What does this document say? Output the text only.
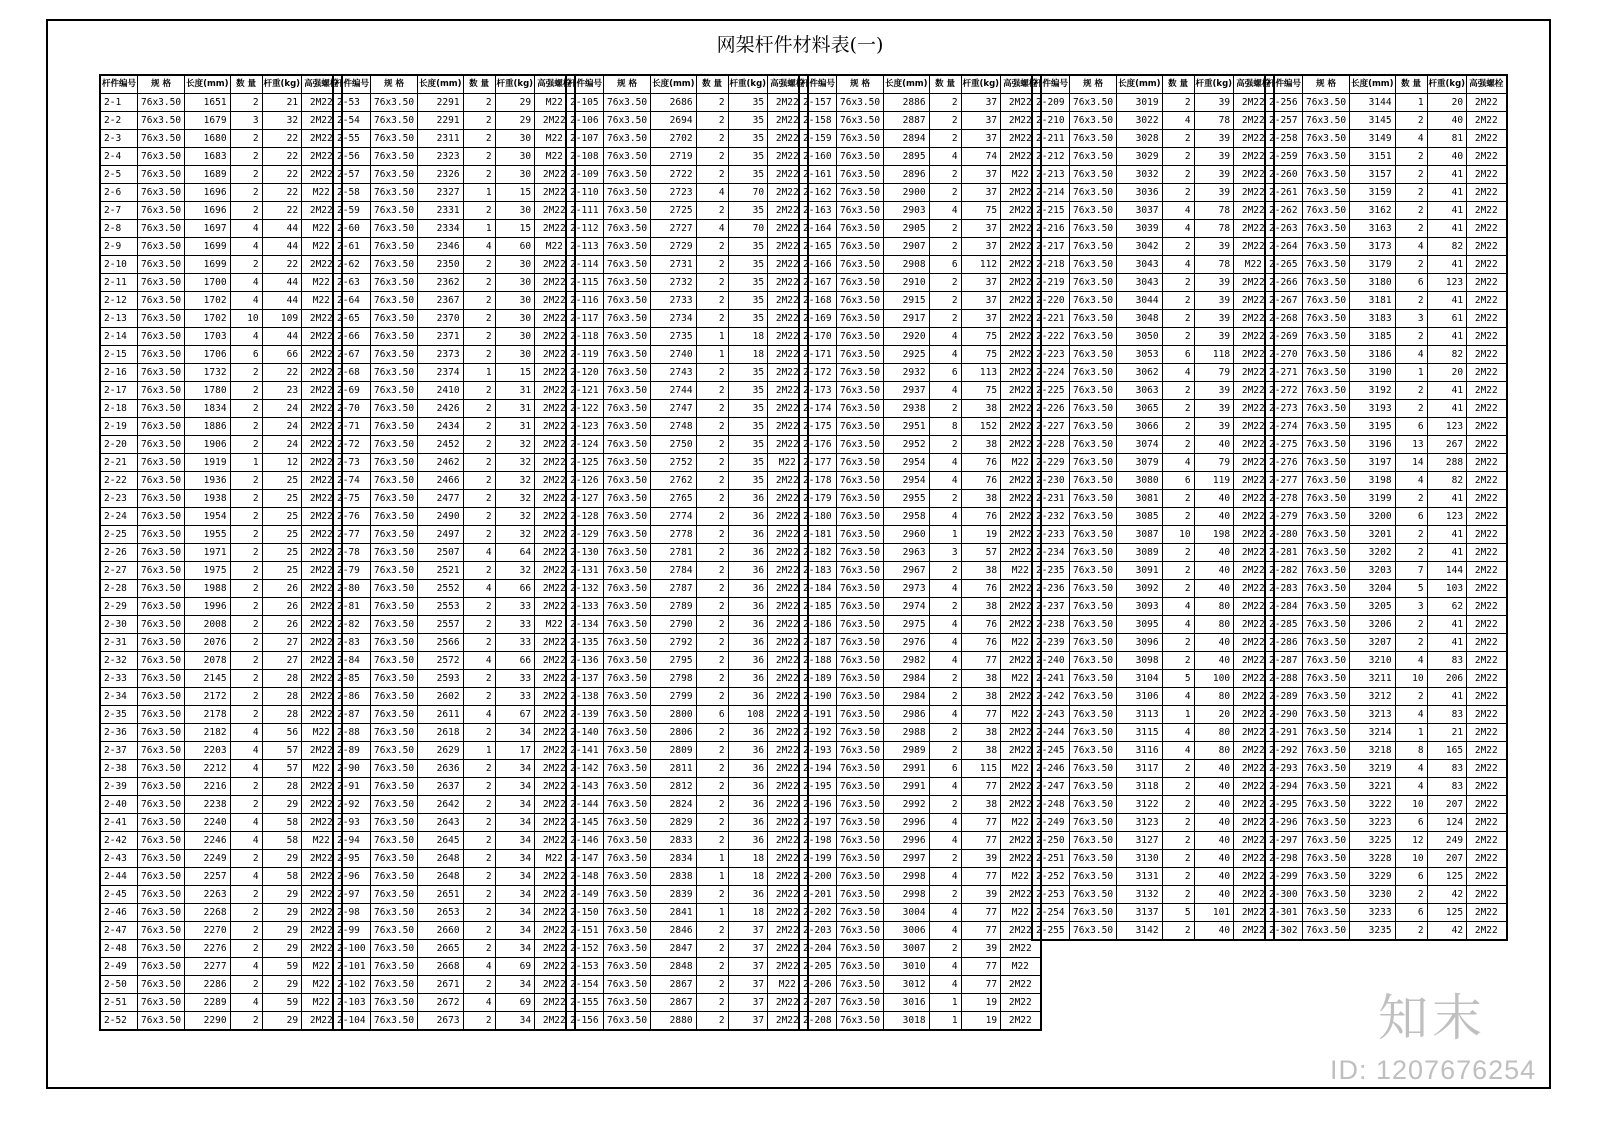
网架杆件材料表(一)
杆件编号	规 格	长度(mm)	数 量	杆重(kg)	高强螺栓
2-1	76x3.50	1651	2	21	2M22
2-2	76x3.50	1679	3	32	2M22
2-3	76x3.50	1680	2	22	2M22
2-4	76x3.50	1683	2	22	2M22
2-5	76x3.50	1689	2	22	2M22
2-6	76x3.50	1696	2	22	M22
2-7	76x3.50	1696	2	22	2M22
2-8	76x3.50	1697	4	44	M22
2-9	76x3.50	1699	4	44	M22
2-10	76x3.50	1699	2	22	2M22
2-11	76x3.50	1700	4	44	M22
2-12	76x3.50	1702	4	44	M22
2-13	76x3.50	1702	10	109	2M22
2-14	76x3.50	1703	4	44	2M22
2-15	76x3.50	1706	6	66	2M22
2-16	76x3.50	1732	2	22	2M22
2-17	76x3.50	1780	2	23	2M22
2-18	76x3.50	1834	2	24	2M22
2-19	76x3.50	1886	2	24	2M22
2-20	76x3.50	1906	2	24	2M22
2-21	76x3.50	1919	1	12	2M22
2-22	76x3.50	1936	2	25	2M22
2-23	76x3.50	1938	2	25	2M22
2-24	76x3.50	1954	2	25	2M22
2-25	76x3.50	1955	2	25	2M22
2-26	76x3.50	1971	2	25	2M22
2-27	76x3.50	1975	2	25	2M22
2-28	76x3.50	1988	2	26	2M22
2-29	76x3.50	1996	2	26	2M22
2-30	76x3.50	2008	2	26	2M22
2-31	76x3.50	2076	2	27	2M22
2-32	76x3.50	2078	2	27	2M22
2-33	76x3.50	2145	2	28	2M22
2-34	76x3.50	2172	2	28	2M22
2-35	76x3.50	2178	2	28	2M22
2-36	76x3.50	2182	4	56	M22
2-37	76x3.50	2203	4	57	2M22
2-38	76x3.50	2212	4	57	M22
2-39	76x3.50	2216	2	28	2M22
2-40	76x3.50	2238	2	29	2M22
2-41	76x3.50	2240	4	58	2M22
2-42	76x3.50	2246	4	58	M22
2-43	76x3.50	2249	2	29	2M22
2-44	76x3.50	2257	4	58	2M22
2-45	76x3.50	2263	2	29	2M22
2-46	76x3.50	2268	2	29	2M22
2-47	76x3.50	2270	2	29	2M22
2-48	76x3.50	2276	2	29	2M22
2-49	76x3.50	2277	4	59	M22
2-50	76x3.50	2286	2	29	M22
2-51	76x3.50	2289	4	59	M22
2-52	76x3.50	2290	2	29	2M22
杆件编号	规 格	长度(mm)	数 量	杆重(kg)	高强螺栓
2-53	76x3.50	2291	2	29	M22
2-54	76x3.50	2291	2	29	2M22
2-55	76x3.50	2311	2	30	M22
2-56	76x3.50	2323	2	30	M22
2-57	76x3.50	2326	2	30	2M22
2-58	76x3.50	2327	1	15	2M22
2-59	76x3.50	2331	2	30	2M22
2-60	76x3.50	2334	1	15	2M22
2-61	76x3.50	2346	4	60	M22
2-62	76x3.50	2350	2	30	2M22
2-63	76x3.50	2362	2	30	2M22
2-64	76x3.50	2367	2	30	2M22
2-65	76x3.50	2370	2	30	2M22
2-66	76x3.50	2371	2	30	2M22
2-67	76x3.50	2373	2	30	2M22
2-68	76x3.50	2374	1	15	2M22
2-69	76x3.50	2410	2	31	2M22
2-70	76x3.50	2426	2	31	2M22
2-71	76x3.50	2434	2	31	2M22
2-72	76x3.50	2452	2	32	2M22
2-73	76x3.50	2462	2	32	2M22
2-74	76x3.50	2466	2	32	2M22
2-75	76x3.50	2477	2	32	2M22
2-76	76x3.50	2490	2	32	2M22
2-77	76x3.50	2497	2	32	2M22
2-78	76x3.50	2507	4	64	2M22
2-79	76x3.50	2521	2	32	2M22
2-80	76x3.50	2552	4	66	2M22
2-81	76x3.50	2553	2	33	2M22
2-82	76x3.50	2557	2	33	M22
2-83	76x3.50	2566	2	33	2M22
2-84	76x3.50	2572	4	66	2M22
2-85	76x3.50	2593	2	33	2M22
2-86	76x3.50	2602	2	33	2M22
2-87	76x3.50	2611	4	67	2M22
2-88	76x3.50	2618	2	34	2M22
2-89	76x3.50	2629	1	17	2M22
2-90	76x3.50	2636	2	34	2M22
2-91	76x3.50	2637	2	34	2M22
2-92	76x3.50	2642	2	34	2M22
2-93	76x3.50	2643	2	34	2M22
2-94	76x3.50	2645	2	34	2M22
2-95	76x3.50	2648	2	34	M22
2-96	76x3.50	2648	2	34	2M22
2-97	76x3.50	2651	2	34	2M22
2-98	76x3.50	2653	2	34	2M22
2-99	76x3.50	2660	2	34	2M22
2-100	76x3.50	2665	2	34	2M22
2-101	76x3.50	2668	4	69	2M22
2-102	76x3.50	2671	2	34	2M22
2-103	76x3.50	2672	4	69	2M22
2-104	76x3.50	2673	2	34	2M22
杆件编号	规 格	长度(mm)	数 量	杆重(kg)	高强螺栓
2-105	76x3.50	2686	2	35	2M22
2-106	76x3.50	2694	2	35	2M22
2-107	76x3.50	2702	2	35	2M22
2-108	76x3.50	2719	2	35	2M22
2-109	76x3.50	2722	2	35	2M22
2-110	76x3.50	2723	4	70	2M22
2-111	76x3.50	2725	2	35	2M22
2-112	76x3.50	2727	4	70	2M22
2-113	76x3.50	2729	2	35	2M22
2-114	76x3.50	2731	2	35	2M22
2-115	76x3.50	2732	2	35	2M22
2-116	76x3.50	2733	2	35	2M22
2-117	76x3.50	2734	2	35	2M22
2-118	76x3.50	2735	1	18	2M22
2-119	76x3.50	2740	1	18	2M22
2-120	76x3.50	2743	2	35	2M22
2-121	76x3.50	2744	2	35	2M22
2-122	76x3.50	2747	2	35	2M22
2-123	76x3.50	2748	2	35	2M22
2-124	76x3.50	2750	2	35	2M22
2-125	76x3.50	2752	2	35	M22
2-126	76x3.50	2762	2	35	2M22
2-127	76x3.50	2765	2	36	2M22
2-128	76x3.50	2774	2	36	2M22
2-129	76x3.50	2778	2	36	2M22
2-130	76x3.50	2781	2	36	2M22
2-131	76x3.50	2784	2	36	2M22
2-132	76x3.50	2787	2	36	2M22
2-133	76x3.50	2789	2	36	2M22
2-134	76x3.50	2790	2	36	2M22
2-135	76x3.50	2792	2	36	2M22
2-136	76x3.50	2795	2	36	2M22
2-137	76x3.50	2798	2	36	2M22
2-138	76x3.50	2799	2	36	2M22
2-139	76x3.50	2800	6	108	2M22
2-140	76x3.50	2806	2	36	2M22
2-141	76x3.50	2809	2	36	2M22
2-142	76x3.50	2811	2	36	2M22
2-143	76x3.50	2812	2	36	2M22
2-144	76x3.50	2824	2	36	2M22
2-145	76x3.50	2829	2	36	2M22
2-146	76x3.50	2833	2	36	2M22
2-147	76x3.50	2834	1	18	2M22
2-148	76x3.50	2838	1	18	2M22
2-149	76x3.50	2839	2	36	2M22
2-150	76x3.50	2841	1	18	2M22
2-151	76x3.50	2846	2	37	2M22
2-152	76x3.50	2847	2	37	2M22
2-153	76x3.50	2848	2	37	2M22
2-154	76x3.50	2867	2	37	M22
2-155	76x3.50	2867	2	37	2M22
2-156	76x3.50	2880	2	37	2M22
杆件编号	规 格	长度(mm)	数 量	杆重(kg)	高强螺栓
2-157	76x3.50	2886	2	37	2M22
2-158	76x3.50	2887	2	37	2M22
2-159	76x3.50	2894	2	37	2M22
2-160	76x3.50	2895	4	74	2M22
2-161	76x3.50	2896	2	37	M22
2-162	76x3.50	2900	2	37	2M22
2-163	76x3.50	2903	4	75	2M22
2-164	76x3.50	2905	2	37	2M22
2-165	76x3.50	2907	2	37	2M22
2-166	76x3.50	2908	6	112	2M22
2-167	76x3.50	2910	2	37	2M22
2-168	76x3.50	2915	2	37	2M22
2-169	76x3.50	2917	2	37	2M22
2-170	76x3.50	2920	4	75	2M22
2-171	76x3.50	2925	4	75	2M22
2-172	76x3.50	2932	6	113	2M22
2-173	76x3.50	2937	4	75	2M22
2-174	76x3.50	2938	2	38	2M22
2-175	76x3.50	2951	8	152	2M22
2-176	76x3.50	2952	2	38	2M22
2-177	76x3.50	2954	4	76	M22
2-178	76x3.50	2954	4	76	2M22
2-179	76x3.50	2955	2	38	2M22
2-180	76x3.50	2958	4	76	2M22
2-181	76x3.50	2960	1	19	2M22
2-182	76x3.50	2963	3	57	2M22
2-183	76x3.50	2967	2	38	M22
2-184	76x3.50	2973	4	76	2M22
2-185	76x3.50	2974	2	38	2M22
2-186	76x3.50	2975	4	76	2M22
2-187	76x3.50	2976	4	76	M22
2-188	76x3.50	2982	4	77	2M22
2-189	76x3.50	2984	2	38	M22
2-190	76x3.50	2984	2	38	2M22
2-191	76x3.50	2986	4	77	M22
2-192	76x3.50	2988	2	38	2M22
2-193	76x3.50	2989	2	38	2M22
2-194	76x3.50	2991	6	115	M22
2-195	76x3.50	2991	4	77	2M22
2-196	76x3.50	2992	2	38	2M22
2-197	76x3.50	2996	4	77	M22
2-198	76x3.50	2996	4	77	2M22
2-199	76x3.50	2997	2	39	2M22
2-200	76x3.50	2998	4	77	M22
2-201	76x3.50	2998	2	39	2M22
2-202	76x3.50	3004	4	77	M22
2-203	76x3.50	3006	4	77	2M22
2-204	76x3.50	3007	2	39	2M22
2-205	76x3.50	3010	4	77	M22
2-206	76x3.50	3012	4	77	2M22
2-207	76x3.50	3016	1	19	2M22
2-208	76x3.50	3018	1	19	2M22
杆件编号	规 格	长度(mm)	数 量	杆重(kg)	高强螺栓
2-209	76x3.50	3019	2	39	2M22
2-210	76x3.50	3022	4	78	2M22
2-211	76x3.50	3028	2	39	2M22
2-212	76x3.50	3029	2	39	2M22
2-213	76x3.50	3032	2	39	2M22
2-214	76x3.50	3036	2	39	2M22
2-215	76x3.50	3037	4	78	2M22
2-216	76x3.50	3039	4	78	2M22
2-217	76x3.50	3042	2	39	2M22
2-218	76x3.50	3043	4	78	M22
2-219	76x3.50	3043	2	39	2M22
2-220	76x3.50	3044	2	39	2M22
2-221	76x3.50	3048	2	39	2M22
2-222	76x3.50	3050	2	39	2M22
2-223	76x3.50	3053	6	118	2M22
2-224	76x3.50	3062	4	79	2M22
2-225	76x3.50	3063	2	39	2M22
2-226	76x3.50	3065	2	39	2M22
2-227	76x3.50	3066	2	39	2M22
2-228	76x3.50	3074	2	40	2M22
2-229	76x3.50	3079	4	79	2M22
2-230	76x3.50	3080	6	119	2M22
2-231	76x3.50	3081	2	40	2M22
2-232	76x3.50	3085	2	40	2M22
2-233	76x3.50	3087	10	198	2M22
2-234	76x3.50	3089	2	40	2M22
2-235	76x3.50	3091	2	40	2M22
2-236	76x3.50	3092	2	40	2M22
2-237	76x3.50	3093	4	80	2M22
2-238	76x3.50	3095	4	80	2M22
2-239	76x3.50	3096	2	40	2M22
2-240	76x3.50	3098	2	40	2M22
2-241	76x3.50	3104	5	100	2M22
2-242	76x3.50	3106	4	80	2M22
2-243	76x3.50	3113	1	20	2M22
2-244	76x3.50	3115	4	80	2M22
2-245	76x3.50	3116	4	80	2M22
2-246	76x3.50	3117	2	40	2M22
2-247	76x3.50	3118	2	40	2M22
2-248	76x3.50	3122	2	40	2M22
2-249	76x3.50	3123	2	40	2M22
2-250	76x3.50	3127	2	40	2M22
2-251	76x3.50	3130	2	40	2M22
2-252	76x3.50	3131	2	40	2M22
2-253	76x3.50	3132	2	40	2M22
2-254	76x3.50	3137	5	101	2M22
2-255	76x3.50	3142	2	40	2M22
杆件编号	规 格	长度(mm)	数 量	杆重(kg)	高强螺栓
2-256	76x3.50	3144	1	20	2M22
2-257	76x3.50	3145	2	40	2M22
2-258	76x3.50	3149	4	81	2M22
2-259	76x3.50	3151	2	40	2M22
2-260	76x3.50	3157	2	41	2M22
2-261	76x3.50	3159	2	41	2M22
2-262	76x3.50	3162	2	41	2M22
2-263	76x3.50	3163	2	41	2M22
2-264	76x3.50	3173	4	82	2M22
2-265	76x3.50	3179	2	41	2M22
2-266	76x3.50	3180	6	123	2M22
2-267	76x3.50	3181	2	41	2M22
2-268	76x3.50	3183	3	61	2M22
2-269	76x3.50	3185	2	41	2M22
2-270	76x3.50	3186	4	82	2M22
2-271	76x3.50	3190	1	20	2M22
2-272	76x3.50	3192	2	41	2M22
2-273	76x3.50	3193	2	41	2M22
2-274	76x3.50	3195	6	123	2M22
2-275	76x3.50	3196	13	267	2M22
2-276	76x3.50	3197	14	288	2M22
2-277	76x3.50	3198	4	82	2M22
2-278	76x3.50	3199	2	41	2M22
2-279	76x3.50	3200	6	123	2M22
2-280	76x3.50	3201	2	41	2M22
2-281	76x3.50	3202	2	41	2M22
2-282	76x3.50	3203	7	144	2M22
2-283	76x3.50	3204	5	103	2M22
2-284	76x3.50	3205	3	62	2M22
2-285	76x3.50	3206	2	41	2M22
2-286	76x3.50	3207	2	41	2M22
2-287	76x3.50	3210	4	83	2M22
2-288	76x3.50	3211	10	206	2M22
2-289	76x3.50	3212	2	41	2M22
2-290	76x3.50	3213	4	83	2M22
2-291	76x3.50	3214	1	21	2M22
2-292	76x3.50	3218	8	165	2M22
2-293	76x3.50	3219	4	83	2M22
2-294	76x3.50	3221	4	83	2M22
2-295	76x3.50	3222	10	207	2M22
2-296	76x3.50	3223	6	124	2M22
2-297	76x3.50	3225	12	249	2M22
2-298	76x3.50	3228	10	207	2M22
2-299	76x3.50	3229	6	125	2M22
2-300	76x3.50	3230	2	42	2M22
2-301	76x3.50	3233	6	125	2M22
2-302	76x3.50	3235	2	42	2M22
知末
ID: 1207676254
